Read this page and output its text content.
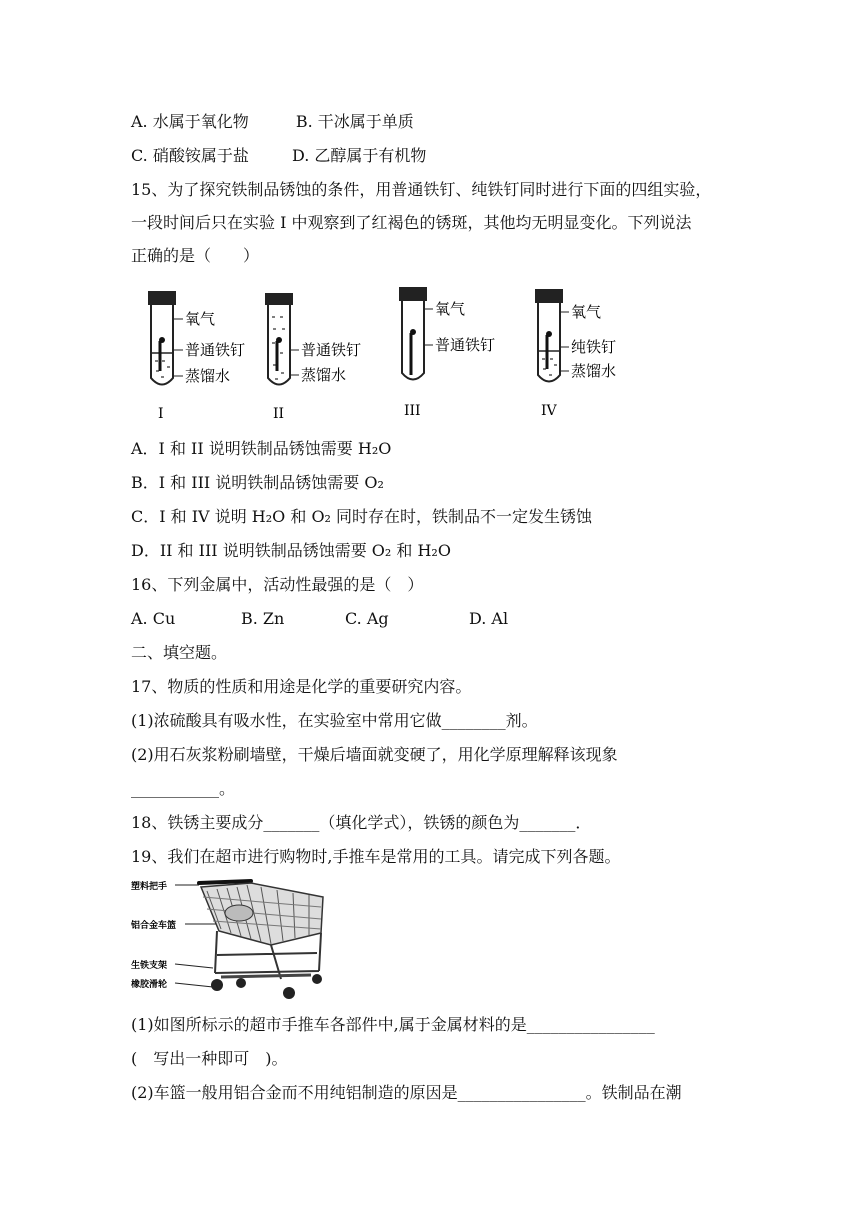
A. 水属于氧化物	B. 干冰属于单质
C. 硝酸铵属于盐	D. 乙醇属于有机物
15、为了探究铁制品锈蚀的条件，用普通铁钉、纯铁钉同时进行下面的四组实验，
一段时间后只在实验 I 中观察到了红褐色的锈斑，其他均无明显变化。下列说法
正确的是（　　）
氧气
普通铁钉
蒸馏水
I
普通铁钉
蒸馏水
II
氧气
普通铁钉
III
氧气
纯铁钉
蒸馏水
IV
A．I 和 II 说明铁制品锈蚀需要 H₂O
B．I 和 III 说明铁制品锈蚀需要 O₂
C．I 和 IV 说明 H₂O 和 O₂ 同时存在时，铁制品不一定发生锈蚀
D．II 和 III 说明铁制品锈蚀需要 O₂ 和 H₂O
16、下列金属中，活动性最强的是（　）
A. Cu	B. Zn	C. Ag	D. Al
二、填空题。
17、物质的性质和用途是化学的重要研究内容。
(1)浓硫酸具有吸水性，在实验室中常用它做________剂。
(2)用石灰浆粉刷墙壁，干燥后墙面就变硬了，用化学原理解释该现象
___________。
18、铁锈主要成分_______（填化学式），铁锈的颜色为_______．
19、我们在超市进行购物时,手推车是常用的工具。请完成下列各题。
塑料把手
铝合金车篮
生铁支架
橡胶滑轮
(1)如图所标示的超市手推车各部件中,属于金属材料的是________________
(　写出一种即可　)。
(2)车篮一般用铝合金而不用纯铝制造的原因是________________。铁制品在潮
